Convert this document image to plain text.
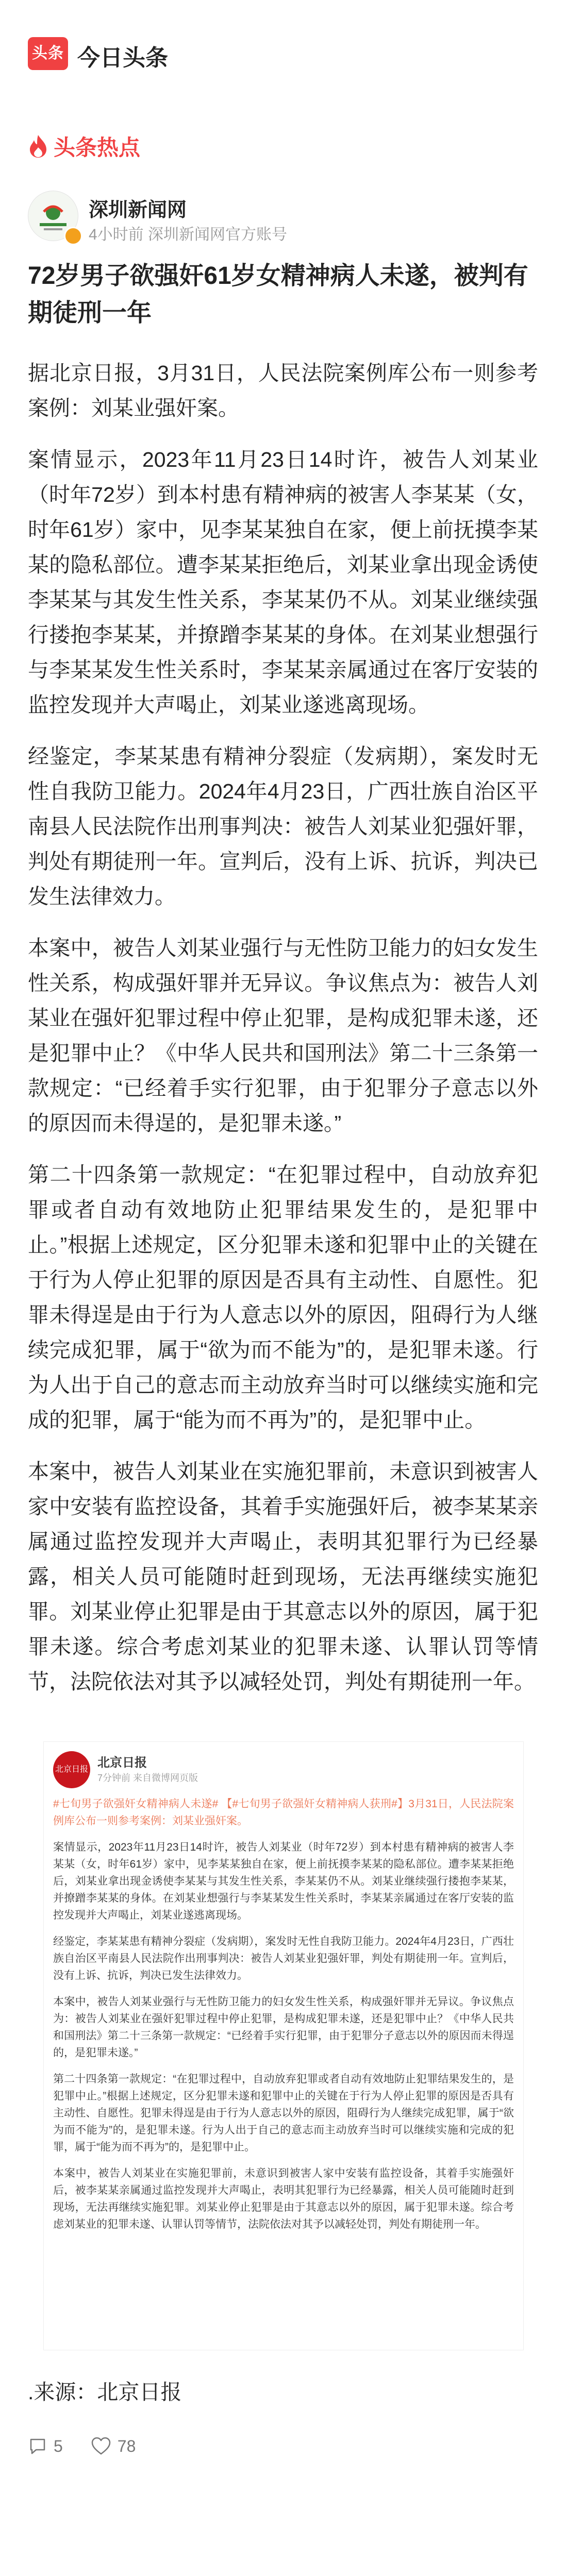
头条 今日头条
头条热点
深圳新闻网
4小时前 深圳新闻网官方账号
72岁男子欲强奸61岁女精神病人未遂，被判有期徒刑一年

据北京日报，3月31日，人民法院案例库公布一则参考案例：刘某业强奸案。

案情显示，2023年11月23日14时许，被告人刘某业（时年72岁）到本村患有精神病的被害人李某某（女，时年61岁）家中，见李某某独自在家，便上前抚摸李某某的隐私部位。遭李某某拒绝后，刘某业拿出现金诱使李某某与其发生性关系，李某某仍不从。刘某业继续强行搂抱李某某，并撩蹭李某某的身体。在刘某业想强行与李某某发生性关系时，李某某亲属通过在客厅安装的监控发现并大声喝止，刘某业遂逃离现场。

经鉴定，李某某患有精神分裂症（发病期），案发时无性自我防卫能力。2024年4月23日，广西壮族自治区平南县人民法院作出刑事判决：被告人刘某业犯强奸罪，判处有期徒刑一年。宣判后，没有上诉、抗诉，判决已发生法律效力。

本案中，被告人刘某业强行与无性防卫能力的妇女发生性关系，构成强奸罪并无异议。争议焦点为：被告人刘某业在强奸犯罪过程中停止犯罪，是构成犯罪未遂，还是犯罪中止？《中华人民共和国刑法》第二十三条第一款规定：“已经着手实行犯罪，由于犯罪分子意志以外的原因而未得逞的，是犯罪未遂。”

第二十四条第一款规定：“在犯罪过程中，自动放弃犯罪或者自动有效地防止犯罪结果发生的，是犯罪中止。”根据上述规定，区分犯罪未遂和犯罪中止的关键在于行为人停止犯罪的原因是否具有主动性、自愿性。犯罪未得逞是由于行为人意志以外的原因，阻碍行为人继续完成犯罪，属于“欲为而不能为”的，是犯罪未遂。行为人出于自己的意志而主动放弃当时可以继续实施和完成的犯罪，属于“能为而不再为”的，是犯罪中止。

本案中，被告人刘某业在实施犯罪前，未意识到被害人家中安装有监控设备，其着手实施强奸后，被李某某亲属通过监控发现并大声喝止，表明其犯罪行为已经暴露，相关人员可能随时赶到现场，无法再继续实施犯罪。刘某业停止犯罪是由于其意志以外的原因，属于犯罪未遂。综合考虑刘某业的犯罪未遂、认罪认罚等情节，法院依法对其予以减轻处罚，判处有期徒刑一年。

北京日报 北京日报
7分钟前 来自微博网页版

#七旬男子欲强奸女精神病人未遂# 【#七旬男子欲强奸女精神病人获刑#】3月31日，人民法院案例库公布一则参考案例：刘某业强奸案。

案情显示，2023年11月23日14时许，被告人刘某业（时年72岁）到本村患有精神病的被害人李某某（女，时年61岁）家中，见李某某独自在家，便上前抚摸李某某的隐私部位。遭李某某拒绝后，刘某业拿出现金诱使李某某与其发生性关系，李某某仍不从。刘某业继续强行搂抱李某某，并撩蹭李某某的身体。在刘某业想强行与李某某发生性关系时，李某某亲属通过在客厅安装的监控发现并大声喝止，刘某业遂逃离现场。

经鉴定，李某某患有精神分裂症（发病期），案发时无性自我防卫能力。2024年4月23日，广西壮族自治区平南县人民法院作出刑事判决：被告人刘某业犯强奸罪，判处有期徒刑一年。宣判后，没有上诉、抗诉，判决已发生法律效力。

本案中，被告人刘某业强行与无性防卫能力的妇女发生性关系，构成强奸罪并无异议。争议焦点为：被告人刘某业在强奸犯罪过程中停止犯罪，是构成犯罪未遂，还是犯罪中止？《中华人民共和国刑法》第二十三条第一款规定：“已经着手实行犯罪，由于犯罪分子意志以外的原因而未得逞的，是犯罪未遂。”

第二十四条第一款规定：“在犯罪过程中，自动放弃犯罪或者自动有效地防止犯罪结果发生的，是犯罪中止。”根据上述规定，区分犯罪未遂和犯罪中止的关键在于行为人停止犯罪的原因是否具有主动性、自愿性。犯罪未得逞是由于行为人意志以外的原因，阻碍行为人继续完成犯罪，属于“欲为而不能为”的，是犯罪未遂。行为人出于自己的意志而主动放弃当时可以继续实施和完成的犯罪，属于“能为而不再为”的，是犯罪中止。

本案中，被告人刘某业在实施犯罪前，未意识到被害人家中安装有监控设备，其着手实施强奸后，被李某某亲属通过监控发现并大声喝止，表明其犯罪行为已经暴露，相关人员可能随时赶到现场，无法再继续实施犯罪。刘某业停止犯罪是由于其意志以外的原因，属于犯罪未遂。综合考虑刘某业的犯罪未遂、认罪认罚等情节，法院依法对其予以减轻处罚，判处有期徒刑一年。

.来源：北京日报
5	78
